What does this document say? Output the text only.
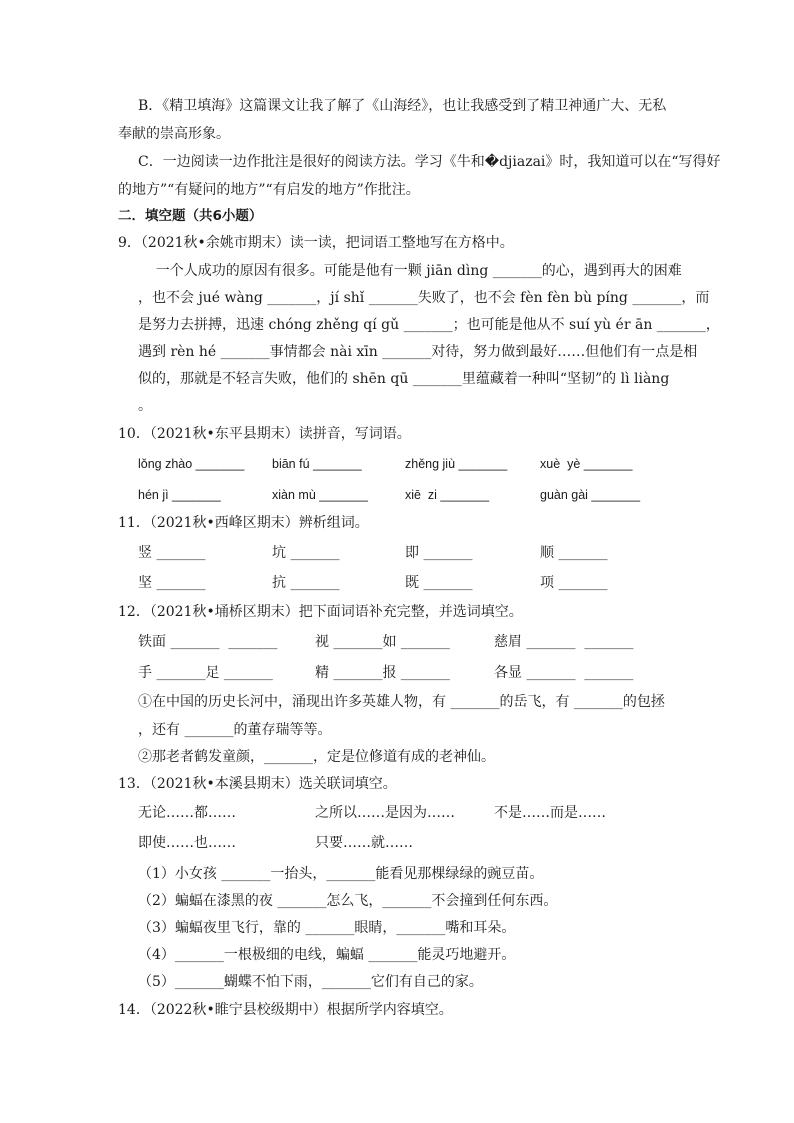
B．《精卫填海》这篇课文让我了解了《山海经》，也让我感受到了精卫神通广大、无私
奉献的崇高形象。
C．一边阅读一边作批注是很好的阅读方法。学习《牛和�djiazai》时，我知道可以在“写得好
的地方”“有疑问的地方”“有启发的地方”作批注。
二．填空题（共6小题）
9．（2021秋•余姚市期末）读一读，把词语工整地写在方格中。
一个人成功的原因有很多。可能是他有一颗 jiān dìng _______的心，遇到再大的困难
，也不会 jué wàng _______，jí shǐ _______失败了，也不会 fèn fèn bù píng _______，而
是努力去拼搏，迅速 chóng zhěng qí gǔ _______；也可能是他从不 suí yù ér ān _______，
遇到 rèn hé _______事情都会 nài xīn _______对待，努力做到最好……但他们有一点是相
似的，那就是不轻言失败，他们的 shēn qū _______里蕴藏着一种叫“坚韧”的 lì liàng
。
10．（2021秋•东平县期末）读拼音，写词语。
lǒng zhào _______ biān fú _______	zhěng jiù _______	xuè  yè _______
hén jì _______	xiàn mù _______	xiē  zi _______	guàn gài _______
11．（2021秋•西峰区期末）辨析组词。
竖 _______	坑 _______	即 _______	顺 _______
坚 _______	抗 _______	既 _______	项 _______
12．（2021秋•埇桥区期末）把下面词语补充完整，并选词填空。
铁面 _______  _______	视 _______如 _______	慈眉 _______  _______
手 _______足 _______	精 _______报 _______	各显 _______  _______
①在中国的历史长河中，涌现出许多英雄人物，有 _______的岳飞，有 _______的包拯
，还有 _______的董存瑞等等。
②那老者鹤发童颜，_______，定是位修道有成的老神仙。
13．（2021秋•本溪县期末）选关联词填空。
无论……都……	之所以……是因为……	不是……而是……
即使……也……	只要……就……
（1）小女孩 _______一抬头，_______能看见那棵绿绿的豌豆苗。
（2）蝙蝠在漆黑的夜 _______怎么飞，_______不会撞到任何东西。
（3）蝙蝠夜里飞行，靠的 _______眼睛，_______嘴和耳朵。
（4）_______一根极细的电线，蝙蝠 _______能灵巧地避开。
（5）_______蝴蝶不怕下雨，_______它们有自己的家。
14．（2022秋•睢宁县校级期中）根据所学内容填空。
